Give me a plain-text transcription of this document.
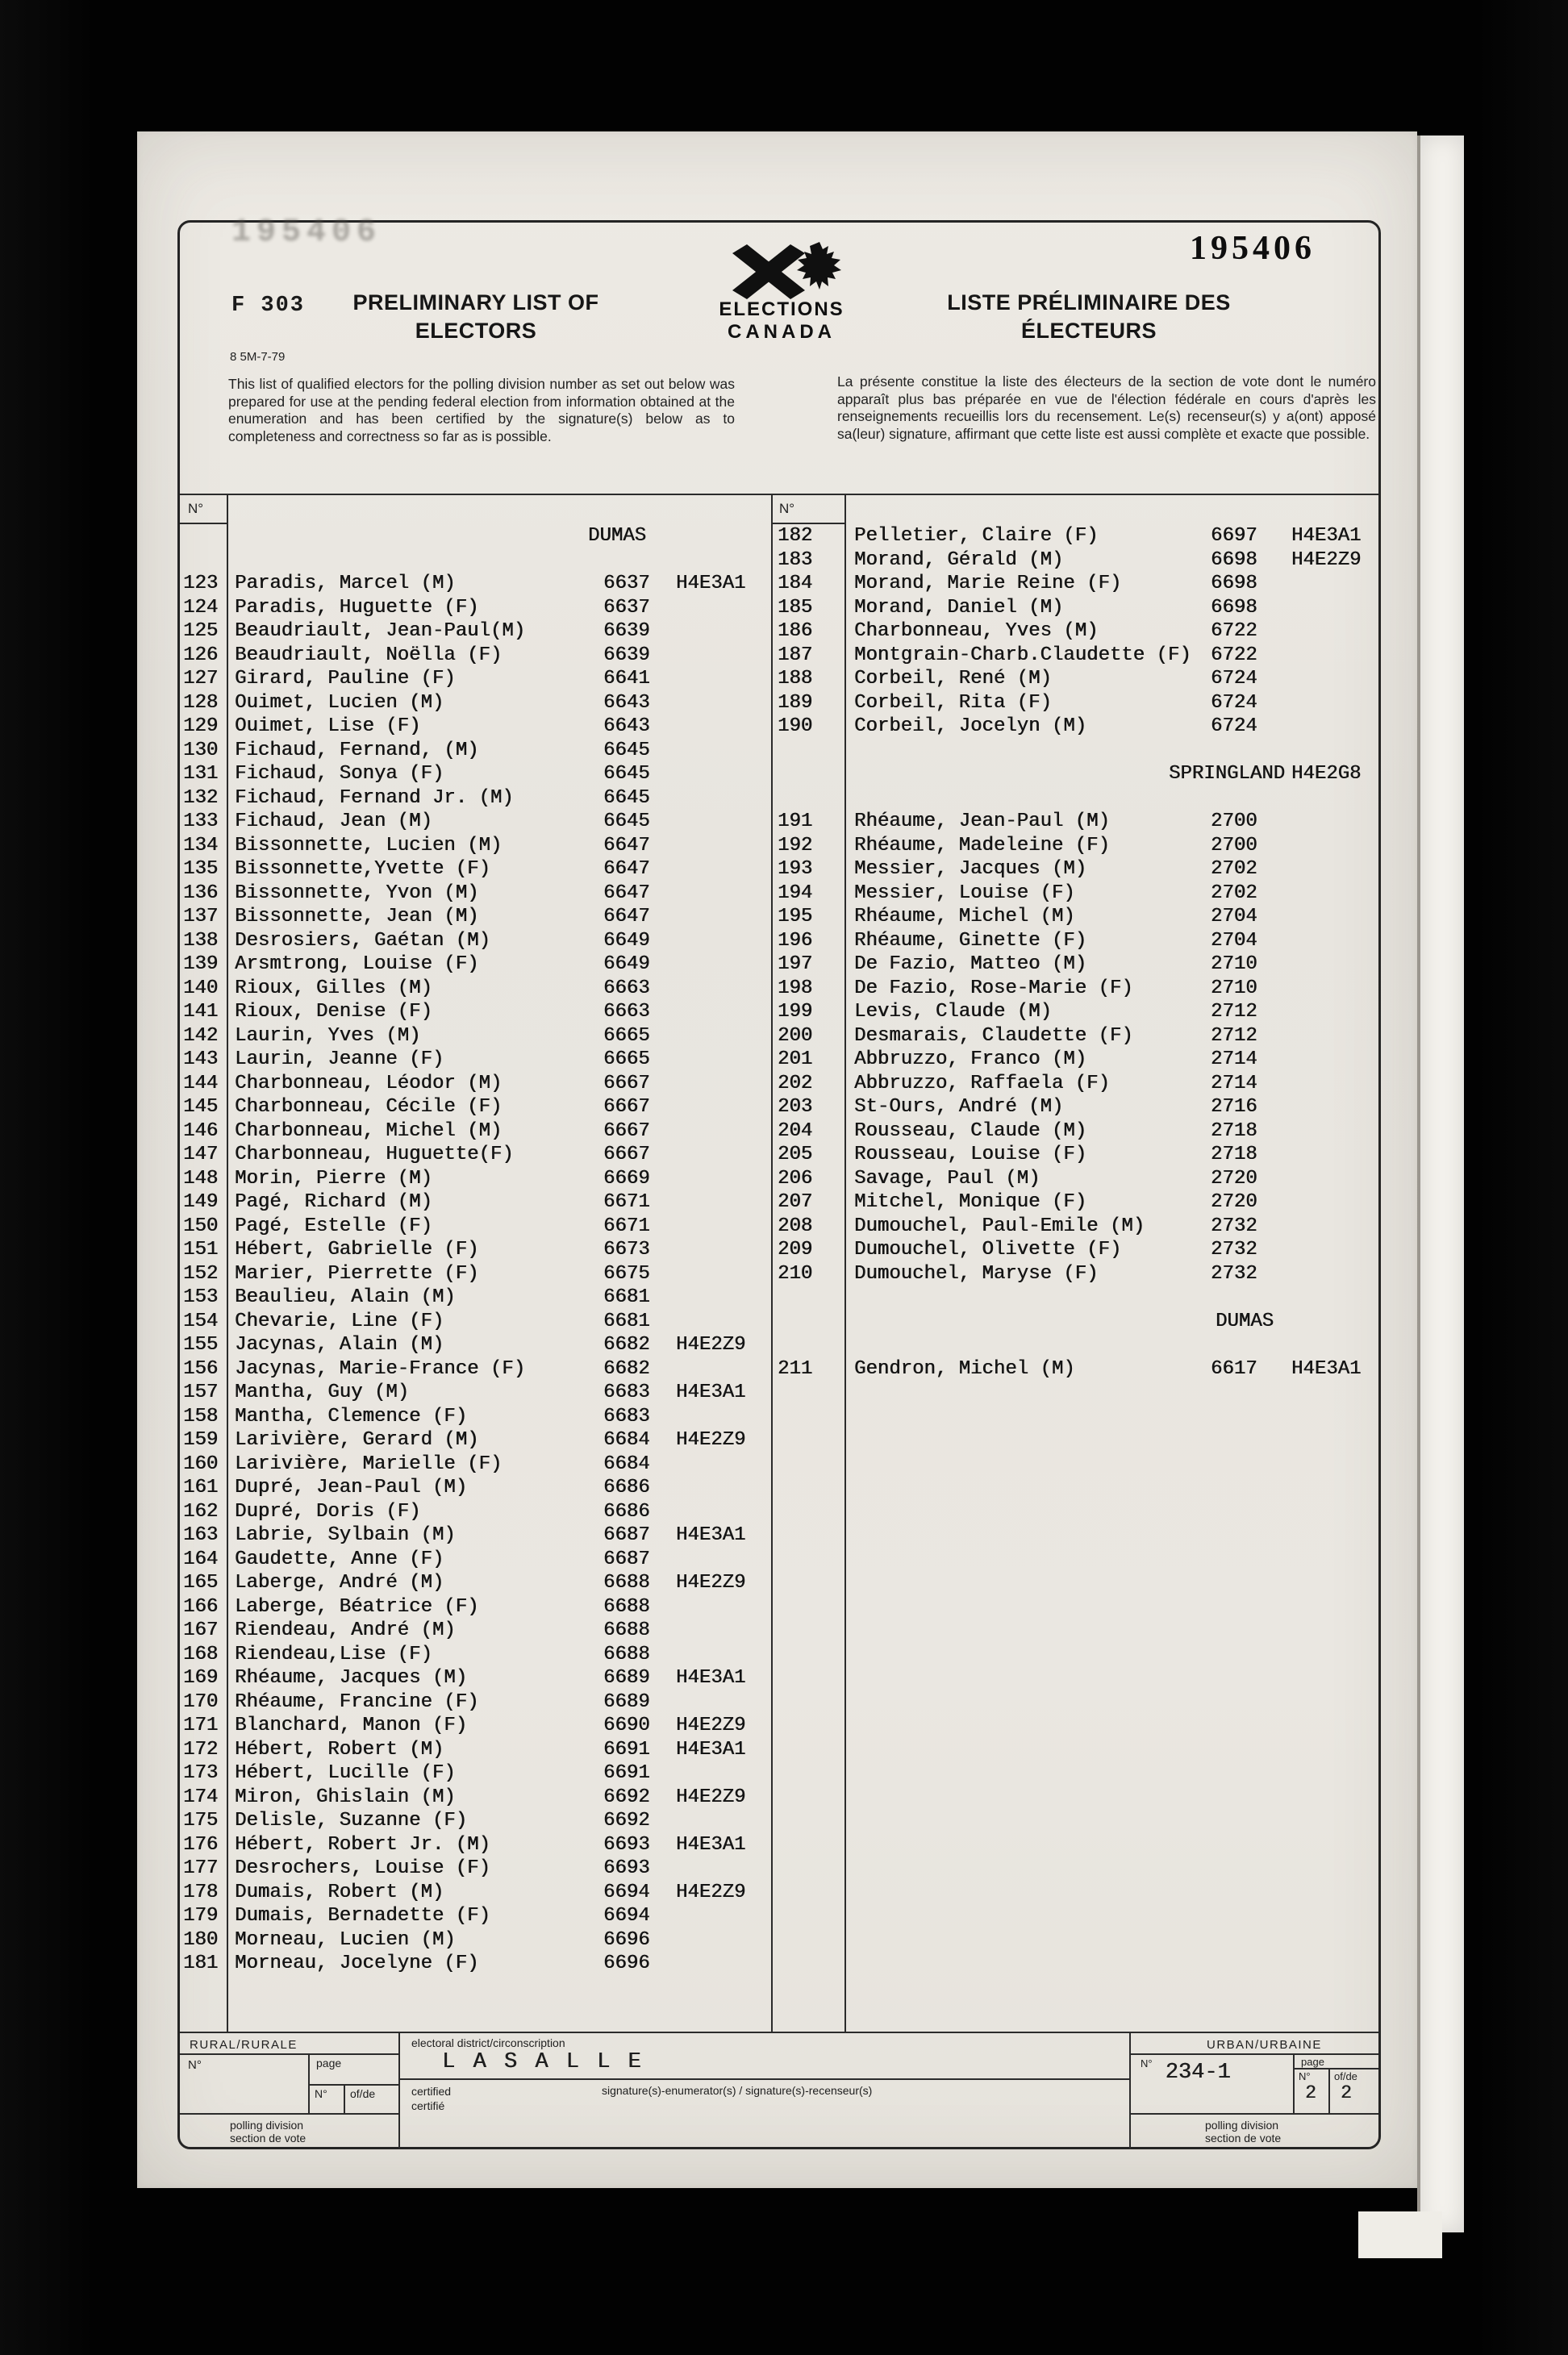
195406	195406
F 303
8 5M-7-79
PRELIMINARY LIST OF
ELECTORS
ELECTIONS
CANADA
LISTE PRÉLIMINAIRE DES
ÉLECTEURS
This list of qualified electors for the polling division number as set out below was prepared for use at the pending federal election from information obtained at the enumeration and has been certified by the signature(s) below as to completeness and correctness so far as is possible.
La présente constitue la liste des électeurs de la section de vote dont le numéro apparaît plus bas préparée en vue de l'élection fédérale en cours d'après les renseignements recueillis lors du recensement. Le(s) recenseur(s) y a(ont) apposé sa(leur) signature, affirmant que cette liste est aussi complète et exacte que possible.
N°	N°
DUMAS
123 Paradis, Marcel (M)	6637	H4E3A1
124 Paradis, Huguette (F)	6637
125 Beaudriault, Jean-Paul(M)	6639
126 Beaudriault, Noëlla (F)	6639
127 Girard, Pauline (F)	6641
128 Ouimet, Lucien (M)	6643
129 Ouimet, Lise (F)	6643
130 Fichaud, Fernand, (M)	6645
131 Fichaud, Sonya (F)	6645
132 Fichaud, Fernand Jr. (M)	6645
133 Fichaud, Jean (M)	6645
134 Bissonnette, Lucien (M)	6647
135 Bissonnette,Yvette (F)	6647
136 Bissonnette, Yvon (M)	6647
137 Bissonnette, Jean (M)	6647
138 Desrosiers, Gaétan (M)	6649
139 Arsmtrong, Louise (F)	6649
140 Rioux, Gilles (M)	6663
141 Rioux, Denise (F)	6663
142 Laurin, Yves (M)	6665
143 Laurin, Jeanne (F)	6665
144 Charbonneau, Léodor (M)	6667
145 Charbonneau, Cécile (F)	6667
146 Charbonneau, Michel (M)	6667
147 Charbonneau, Huguette(F)	6667
148 Morin, Pierre (M)	6669
149 Pagé, Richard (M)	6671
150 Pagé, Estelle (F)	6671
151 Hébert, Gabrielle (F)	6673
152 Marier, Pierrette (F)	6675
153 Beaulieu, Alain (M)	6681
154 Chevarie, Line (F)	6681
155 Jacynas, Alain (M)	6682	H4E2Z9
156 Jacynas, Marie-France (F)	6682
157 Mantha, Guy (M)	6683	H4E3A1
158 Mantha, Clemence (F)	6683
159 Larivière, Gerard (M)	6684	H4E2Z9
160 Larivière, Marielle (F)	6684
161 Dupré, Jean-Paul (M)	6686
162 Dupré, Doris (F)	6686
163 Labrie, Sylbain (M)	6687	H4E3A1
164 Gaudette, Anne (F)	6687
165 Laberge, André (M)	6688	H4E2Z9
166 Laberge, Béatrice (F)	6688
167 Riendeau, André (M)	6688
168 Riendeau,Lise (F)	6688
169 Rhéaume, Jacques (M)	6689	H4E3A1
170 Rhéaume, Francine (F)	6689
171 Blanchard, Manon (F)	6690	H4E2Z9
172 Hébert, Robert (M)	6691	H4E3A1
173 Hébert, Lucille (F)	6691
174 Miron, Ghislain (M)	6692	H4E2Z9
175 Delisle, Suzanne (F)	6692
176 Hébert, Robert Jr. (M)	6693	H4E3A1
177 Desrochers, Louise (F)	6693
178 Dumais, Robert (M)	6694	H4E2Z9
179 Dumais, Bernadette (F)	6694
180 Morneau, Lucien (M)	6696
181 Morneau, Jocelyne (F)	6696
182	Pelletier, Claire (F)	6697	H4E3A1
183	Morand, Gérald (M)	6698	H4E2Z9
184	Morand, Marie Reine (F)	6698
185	Morand, Daniel (M)	6698
186	Charbonneau, Yves (M)	6722
187	Montgrain-Charb.Claudette (F)	6722
188	Corbeil, René (M)	6724
189	Corbeil, Rita (F)	6724
190	Corbeil, Jocelyn (M)	6724
SPRINGLAND H4E2G8
191	Rhéaume, Jean-Paul (M)	2700
192	Rhéaume, Madeleine (F)	2700
193	Messier, Jacques (M)	2702
194	Messier, Louise (F)	2702
195	Rhéaume, Michel (M)	2704
196	Rhéaume, Ginette (F)	2704
197	De Fazio, Matteo (M)	2710
198	De Fazio, Rose-Marie (F)	2710
199	Levis, Claude (M)	2712
200	Desmarais, Claudette (F)	2712
201	Abbruzzo, Franco (M)	2714
202	Abbruzzo, Raffaela (F)	2714
203	St-Ours, André (M)	2716
204	Rousseau, Claude (M)	2718
205	Rousseau, Louise (F)	2718
206	Savage, Paul (M)	2720
207	Mitchel, Monique (F)	2720
208	Dumouchel, Paul-Emile (M)	2732
209	Dumouchel, Olivette (F)	2732
210	Dumouchel, Maryse (F)	2732
DUMAS
211	Gendron, Michel (M)	6617	H4E3A1
RURAL/RURALE
N°	page
N°	of/de
polling division
section de vote
electoral district/circonscription
L A S A L L E
certified
certifié
signature(s)-enumerator(s) / signature(s)-recenseur(s)
URBAN/URBAINE
N° 234-1	page
N°
2
of/de
2
polling division
section de vote
